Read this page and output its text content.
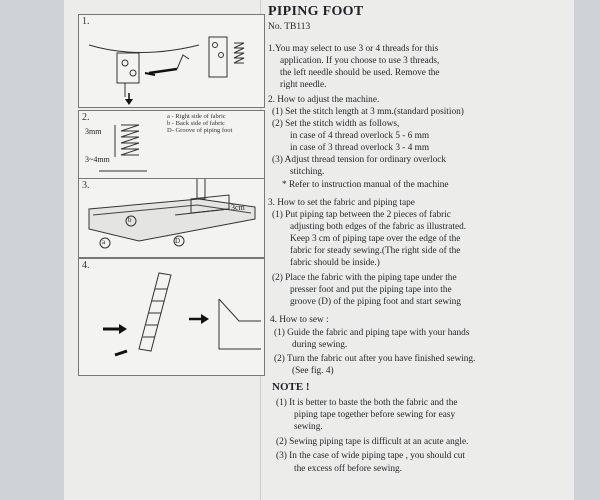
1.
2.
3mm
3~4mm
a - Right side of fabric
b - Back side of fabric
D- Groove of piping foot
3.
b
a	D
3cm
4.
PIPING FOOT
No. TB113
1.You may select to use 3 or 4 threads for this
application. If you choose to use 3 threads,
the left needle should be used. Remove the
right needle.
2. How to adjust the machine.
(1) Set the stitch length at 3 mm.(standard position)
(2) Set the stitch width as follows,
in case of 4 thread overlock 5 - 6 mm
in case of 3 thread overlock 3 - 4 mm
(3) Adjust thread tension for ordinary overlock
stitching.
* Refer to instruction manual of the machine
3. How to set the fabric and piping tape
(1) Put piping tap between the 2 pieces of fabric
adjusting both edges of the fabric as illustrated.
Keep 3 cm of piping tape over the edge of the
fabric for steady sewing.(The right side of the
fabric should be inside.)
(2) Place the fabric with the piping tape under the
presser foot and put the piping tape into the
groove (D) of the piping foot and start sewing
4. How to sew :
(1) Guide the fabric and piping tape with your hands
during sewing.
(2) Turn the fabric out after you have finished sewing.
(See fig. 4)
NOTE !
(1) It is better to baste the both the fabric and the
piping tape together before sewing for easy
sewing.
(2) Sewing piping tape is difficult at an acute angle.
(3) In the case of wide piping tape , you should cut
the excess off before sewing.
